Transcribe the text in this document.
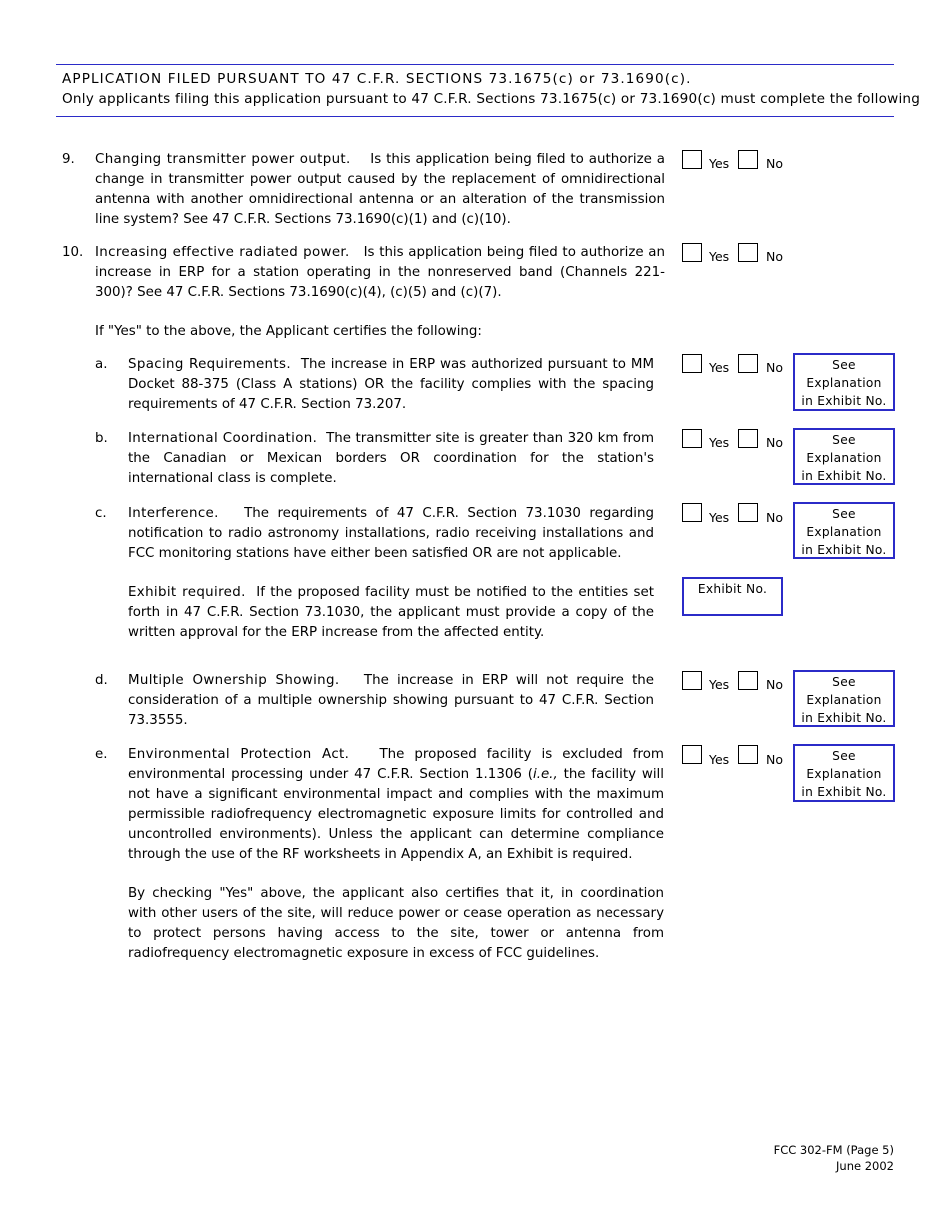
APPLICATION FILED PURSUANT TO 47 C.F.R. SECTIONS 73.1675(c) or 73.1690(c).
Only applicants filing this application pursuant to 47 C.F.R. Sections 73.1675(c) or 73.1690(c) must complete the following
9. Changing transmitter power output. Is this application being filed to authorize a change in transmitter power output caused by the replacement of omnidirectional antenna with another omnidirectional antenna or an alteration of the transmission line system? See 47 C.F.R. Sections 73.1690(c)(1) and (c)(10).
Yes	No
10. Increasing effective radiated power. Is this application being filed to authorize an increase in ERP for a station operating in the nonreserved band (Channels 221-300)? See 47 C.F.R. Sections 73.1690(c)(4), (c)(5) and (c)(7).
Yes	No
If "Yes" to the above, the Applicant certifies the following:
a. Spacing Requirements. The increase in ERP was authorized pursuant to MM Docket 88-375 (Class A stations) OR the facility complies with the spacing requirements of 47 C.F.R. Section 73.207.
Yes	No	See Explanation
in Exhibit No.
b. International Coordination. The transmitter site is greater than 320 km from the Canadian or Mexican borders OR coordination for the station's international class is complete.
Yes	No	See Explanation
in Exhibit No.
c. Interference. The requirements of 47 C.F.R. Section 73.1030 regarding notification to radio astronomy installations, radio receiving installations and FCC monitoring stations have either been satisfied OR are not applicable.
Yes	No	See Explanation
in Exhibit No.
Exhibit required. If the proposed facility must be notified to the entities set forth in 47 C.F.R. Section 73.1030, the applicant must provide a copy of the written approval for the ERP increase from the affected entity.
Exhibit No.
d. Multiple Ownership Showing. The increase in ERP will not require the consideration of a multiple ownership showing pursuant to 47 C.F.R. Section 73.3555.
Yes	No	See Explanation
in Exhibit No.
e. Environmental Protection Act. The proposed facility is excluded from environmental processing under 47 C.F.R. Section 1.1306 (i.e., the facility will not have a significant environmental impact and complies with the maximum permissible radiofrequency electromagnetic exposure limits for controlled and uncontrolled environments). Unless the applicant can determine compliance through the use of the RF worksheets in Appendix A, an Exhibit is required.
Yes	No	See Explanation
in Exhibit No.
By checking "Yes" above, the applicant also certifies that it, in coordination with other users of the site, will reduce power or cease operation as necessary to protect persons having access to the site, tower or antenna from radiofrequency electromagnetic exposure in excess of FCC guidelines.
FCC 302-FM (Page 5)
June 2002
